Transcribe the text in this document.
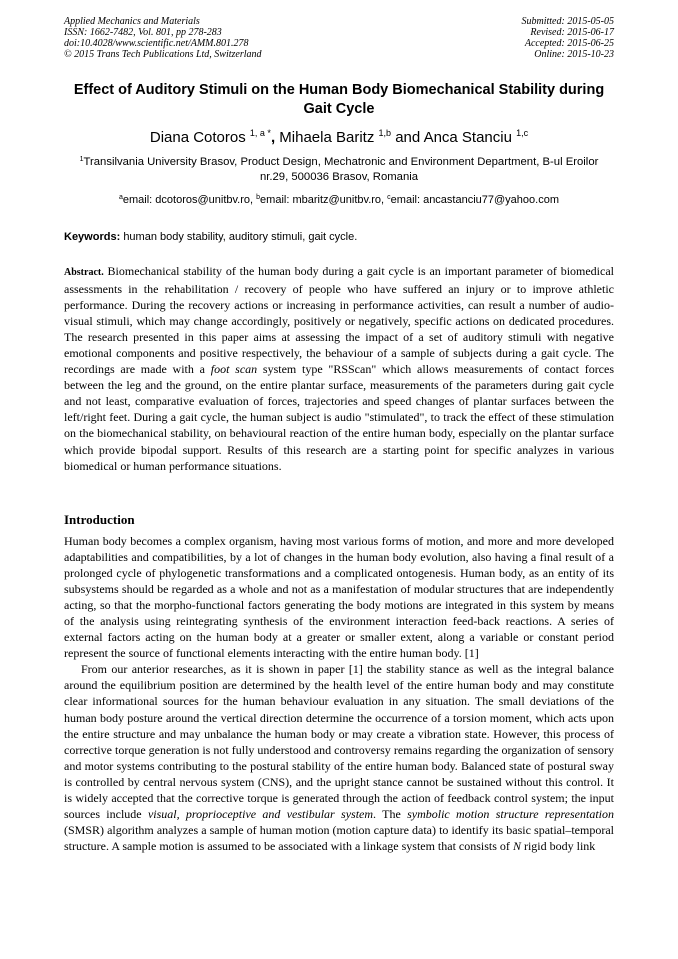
Applied Mechanics and Materials
ISSN: 1662-7482, Vol. 801, pp 278-283
doi:10.4028/www.scientific.net/AMM.801.278
© 2015 Trans Tech Publications Ltd, Switzerland
Submitted: 2015-05-05
Revised: 2015-06-17
Accepted: 2015-06-25
Online: 2015-10-23
Effect of Auditory Stimuli on the Human Body Biomechanical Stability during Gait Cycle
Diana Cotoros $^{1, a *}$, Mihaela Baritz $^{1,b}$ and Anca Stanciu $^{1,c}$
$^1$Transilvania University Brasov, Product Design, Mechatronic and Environment Department, B-ul Eroilor nr.29, 500036 Brasov, Romania
$^a$email: dcotoros@unitbv.ro, $^b$email: mbaritz@unitbv.ro, $^c$email: ancastanciu77@yahoo.com
Keywords: human body stability, auditory stimuli, gait cycle.
Abstract. Biomechanical stability of the human body during a gait cycle is an important parameter of biomedical assessments in the rehabilitation / recovery of people who have suffered an injury or to improve athletic performance. During the recovery actions or increasing in performance activities, can result a number of audio-visual stimuli, which may change accordingly, positively or negatively, specific actions on dedicated procedures. The research presented in this paper aims at assessing the impact of a set of auditory stimuli with negative emotional components and positive respectively, the behaviour of a sample of subjects during a gait cycle. The recordings are made with a foot scan system type "RSScan" which allows measurements of contact forces between the leg and the ground, on the entire plantar surface, measurements of the parameters during gait cycle and not least, comparative evaluation of forces, trajectories and speed changes of plantar surfaces between the left/right feet. During a gait cycle, the human subject is audio "stimulated", to track the effect of these stimulation on the biomechanical stability, on behavioural reaction of the entire human body, especially on the plantar surface which provide bipodal support. Results of this research are a starting point for specific analyzes in various biomedical or human performance situations.
Introduction

Human body becomes a complex organism, having most various forms of motion, and more and more developed adaptabilities and compatibilities, by a lot of changes in the human body evolution, also having a final result of a prolonged cycle of phylogenetic transformations and a complicated ontogenesis. Human body, as an entity of its subsystems should be regarded as a whole and not as a manifestation of modular structures that are independently acting, so that the morpho-functional factors generating the body motions are integrated in this system by means of the analysis using reintegrating synthesis of the environment interaction feed-back reactions. A series of external factors acting on the human body at a greater or smaller extent, along a variable or constant period represent the source of functional elements interacting with the entire human body. [1]

From our anterior researches, as it is shown in paper [1] the stability stance as well as the integral balance around the equilibrium position are determined by the health level of the entire human body and may constitute clear informational sources for the human behaviour evaluation in any situation. The small deviations of the human body posture around the vertical direction determine the occurrence of a torsion moment, which acts upon the entire structure and may unbalance the human body or may create a vibration state. However, this process of corrective torque generation is not fully understood and controversy remains regarding the organization of sensory and motor systems contributing to the postural stability of the entire human body. Balanced state of postural sway is controlled by central nervous system (CNS), and the upright stance cannot be sustained without this control. It is widely accepted that the corrective torque is generated through the action of feedback control system; the input sources include visual, proprioceptive and vestibular system. The symbolic motion structure representation (SMSR) algorithm analyzes a sample of human motion (motion capture data) to identify its basic spatial–temporal structure. A sample motion is assumed to be associated with a linkage system that consists of N rigid body link
